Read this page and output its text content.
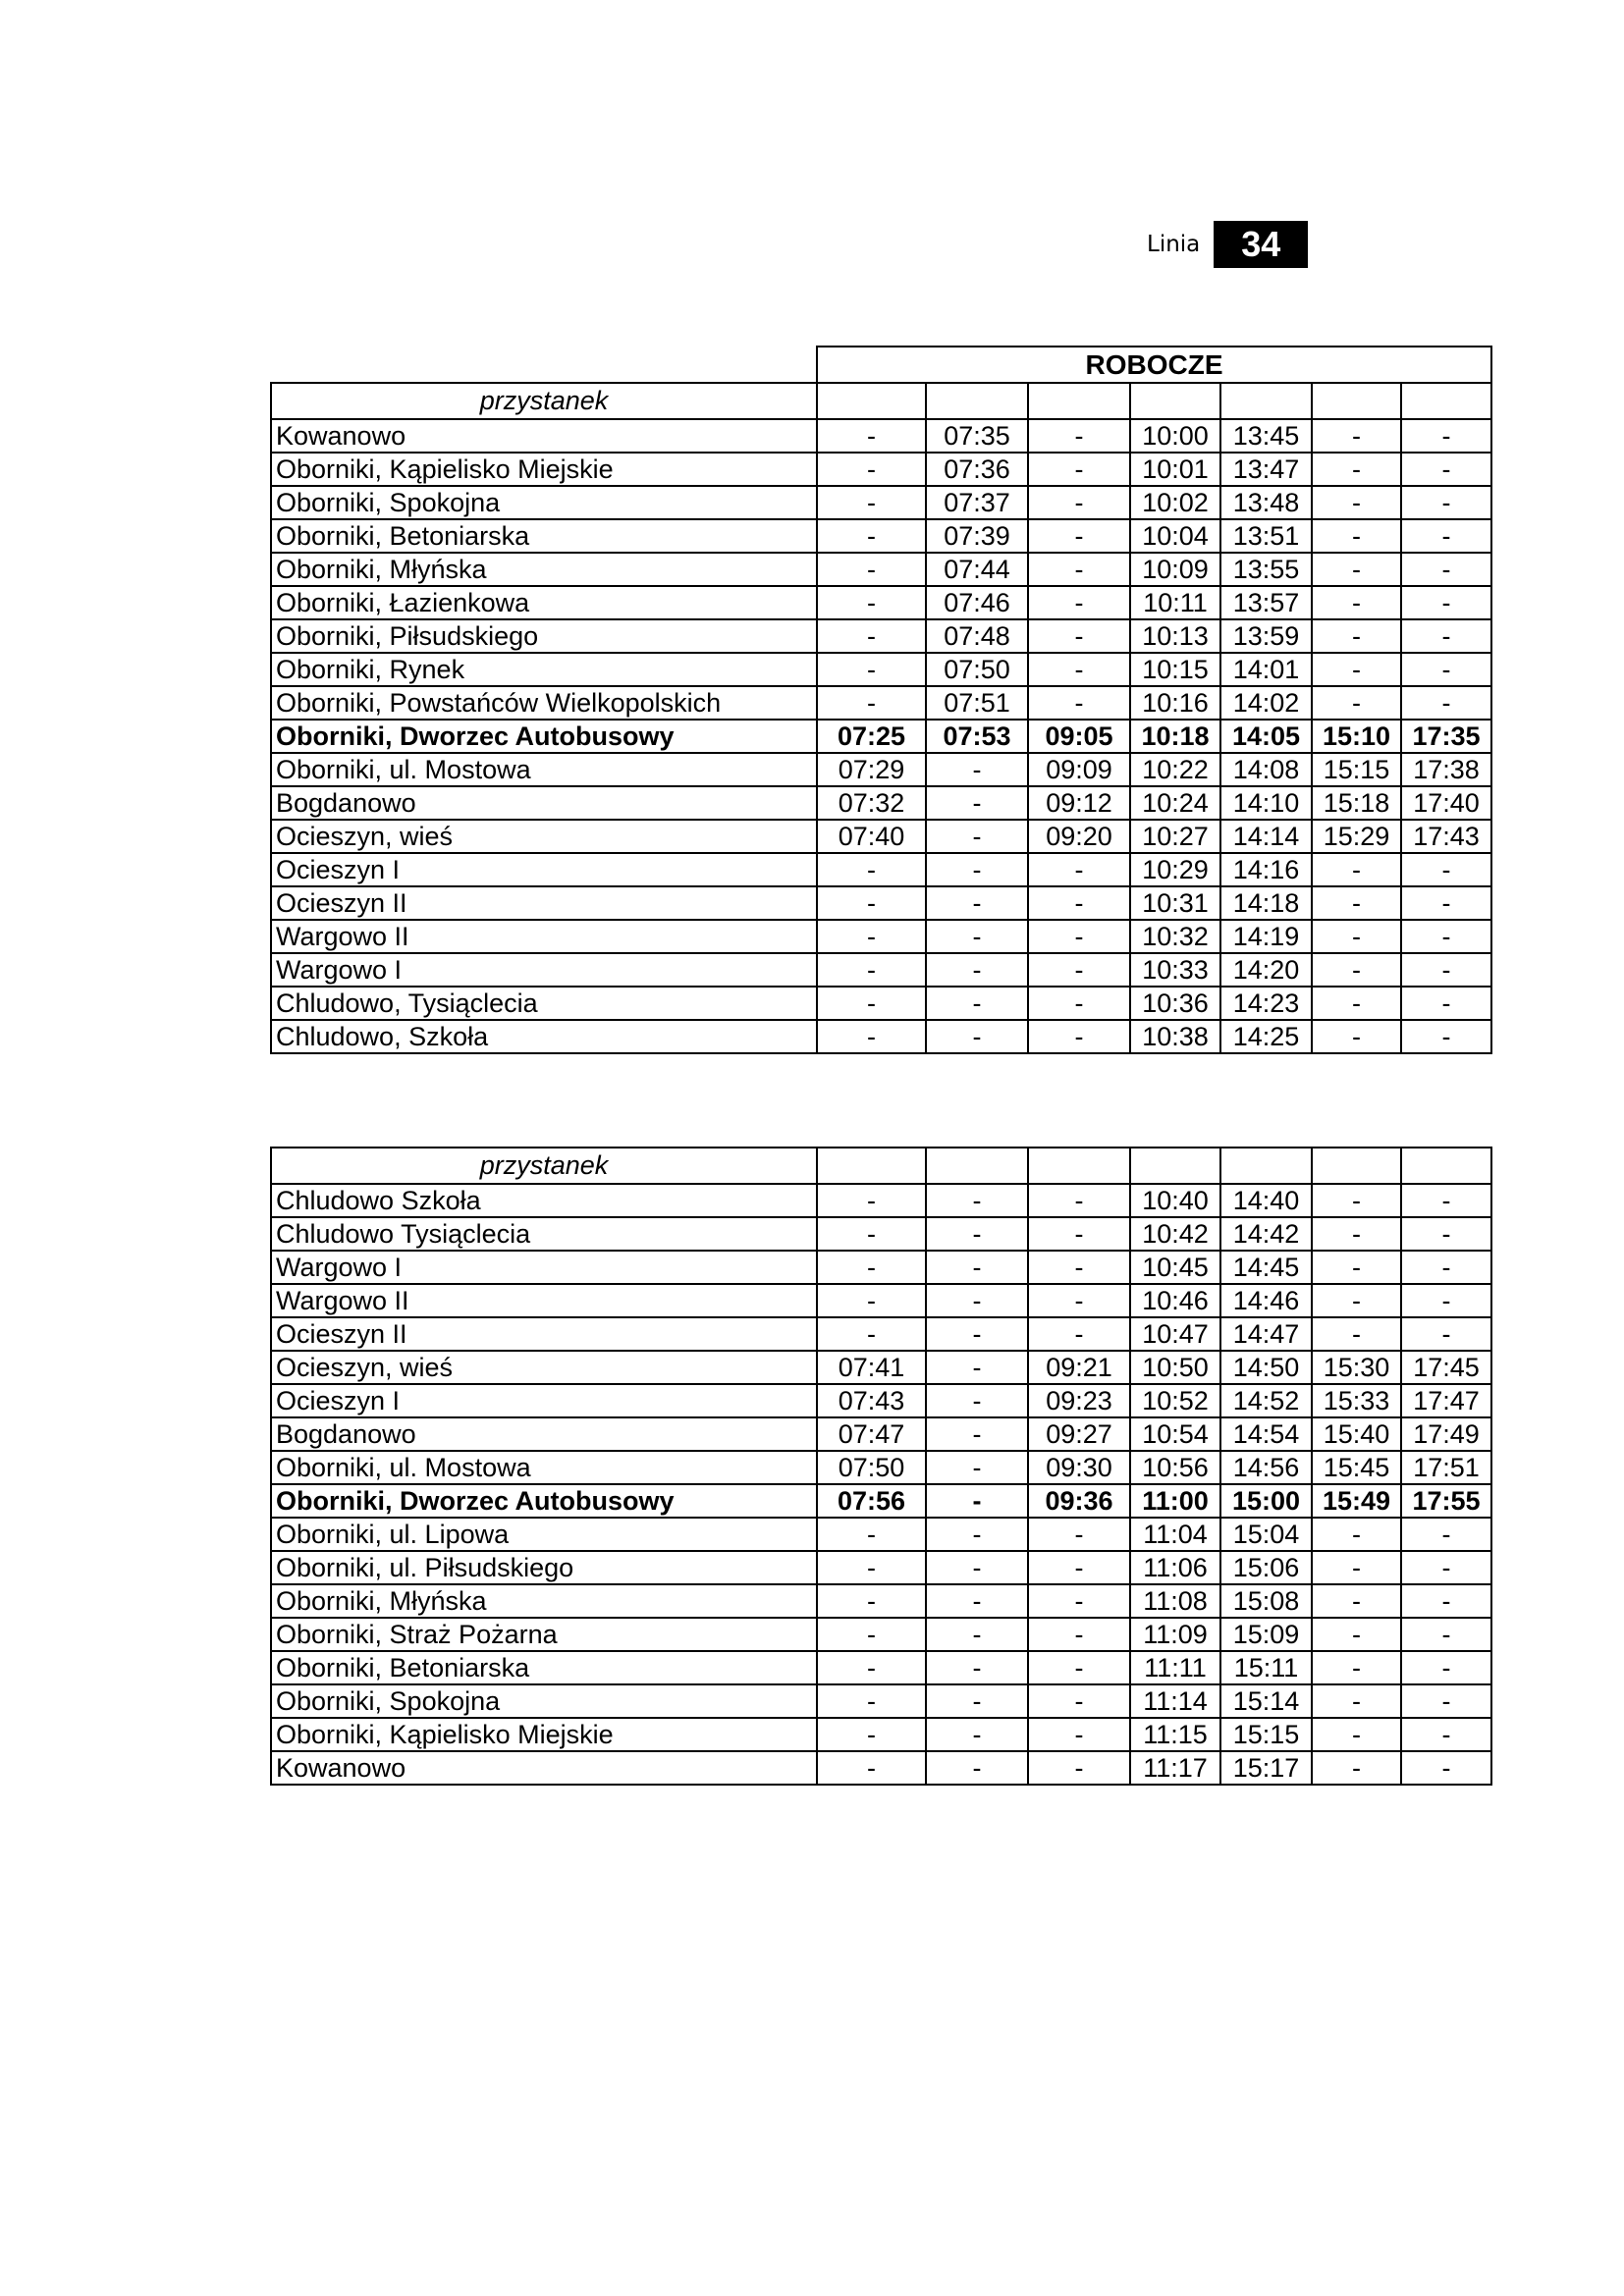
Linia	34
	ROBOCZE						
przystanek							
Kowanowo	-	07:35	-	10:00	13:45	-	-
Oborniki, Kąpielisko Miejskie	-	07:36	-	10:01	13:47	-	-
Oborniki, Spokojna	-	07:37	-	10:02	13:48	-	-
Oborniki, Betoniarska	-	07:39	-	10:04	13:51	-	-
Oborniki, Młyńska	-	07:44	-	10:09	13:55	-	-
Oborniki, Łazienkowa	-	07:46	-	10:11	13:57	-	-
Oborniki, Piłsudskiego	-	07:48	-	10:13	13:59	-	-
Oborniki, Rynek	-	07:50	-	10:15	14:01	-	-
Oborniki, Powstańców Wielkopolskich	-	07:51	-	10:16	14:02	-	-
Oborniki, Dworzec Autobusowy	07:25	07:53	09:05	10:18	14:05	15:10	17:35
Oborniki, ul. Mostowa	07:29	-	09:09	10:22	14:08	15:15	17:38
Bogdanowo	07:32	-	09:12	10:24	14:10	15:18	17:40
Ocieszyn, wieś	07:40	-	09:20	10:27	14:14	15:29	17:43
Ocieszyn I	-	-	-	10:29	14:16	-	-
Ocieszyn II	-	-	-	10:31	14:18	-	-
Wargowo II	-	-	-	10:32	14:19	-	-
Wargowo I	-	-	-	10:33	14:20	-	-
Chludowo, Tysiąclecia	-	-	-	10:36	14:23	-	-
Chludowo, Szkoła	-	-	-	10:38	14:25	-	-
przystanek							
Chludowo Szkoła	-	-	-	10:40	14:40	-	-
Chludowo Tysiąclecia	-	-	-	10:42	14:42	-	-
Wargowo I	-	-	-	10:45	14:45	-	-
Wargowo II	-	-	-	10:46	14:46	-	-
Ocieszyn II	-	-	-	10:47	14:47	-	-
Ocieszyn, wieś	07:41	-	09:21	10:50	14:50	15:30	17:45
Ocieszyn I	07:43	-	09:23	10:52	14:52	15:33	17:47
Bogdanowo	07:47	-	09:27	10:54	14:54	15:40	17:49
Oborniki, ul. Mostowa	07:50	-	09:30	10:56	14:56	15:45	17:51
Oborniki, Dworzec Autobusowy	07:56	-	09:36	11:00	15:00	15:49	17:55
Oborniki, ul. Lipowa	-	-	-	11:04	15:04	-	-
Oborniki, ul. Piłsudskiego	-	-	-	11:06	15:06	-	-
Oborniki, Młyńska	-	-	-	11:08	15:08	-	-
Oborniki, Straż Pożarna	-	-	-	11:09	15:09	-	-
Oborniki, Betoniarska	-	-	-	11:11	15:11	-	-
Oborniki, Spokojna	-	-	-	11:14	15:14	-	-
Oborniki, Kąpielisko Miejskie	-	-	-	11:15	15:15	-	-
Kowanowo	-	-	-	11:17	15:17	-	-
